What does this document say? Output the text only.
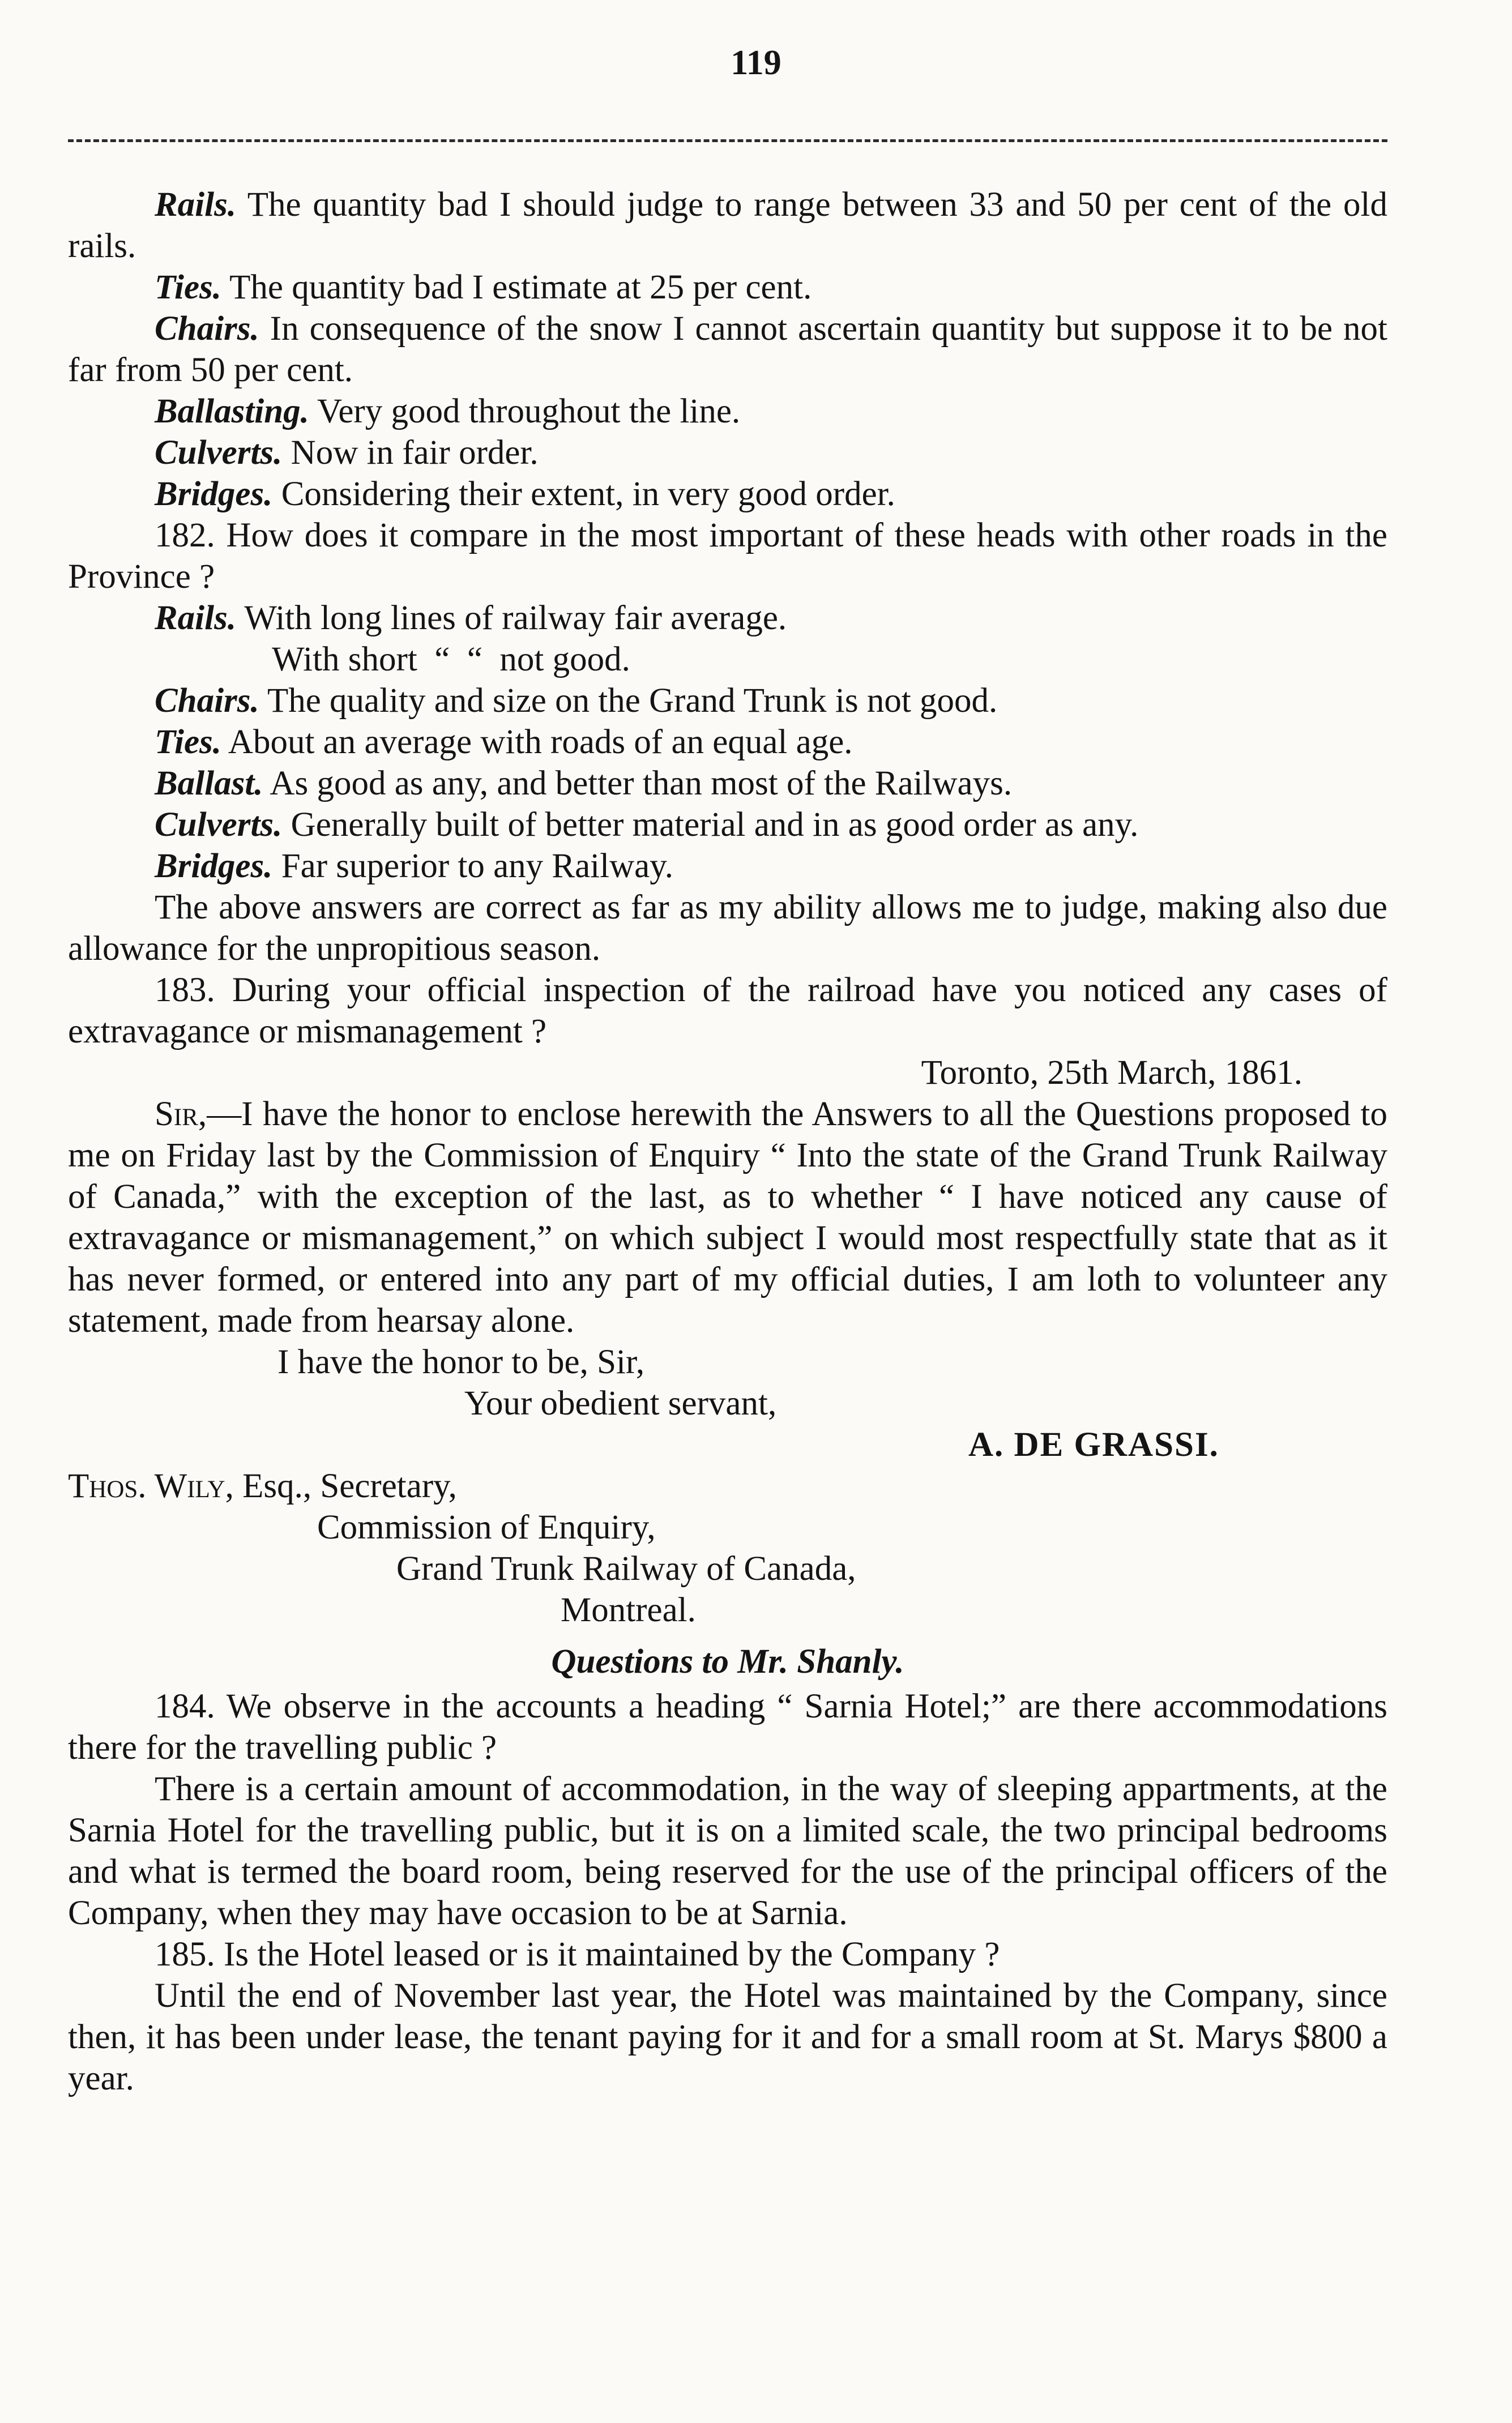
119

Rails. The quantity bad I should judge to range between 33 and 50 per cent of the old rails.

Ties. The quantity bad I estimate at 25 per cent.

Chairs. In consequence of the snow I cannot ascertain quantity but suppose it to be not far from 50 per cent.

Ballasting. Very good throughout the line.

Culverts. Now in fair order.

Bridges. Considering their extent, in very good order.

182. How does it compare in the most important of these heads with other roads in the Province ?

Rails. With long lines of railway fair average.

With short  “  “  not good.

Chairs. The quality and size on the Grand Trunk is not good.

Ties. About an average with roads of an equal age.

Ballast. As good as any, and better than most of the Railways.

Culverts. Generally built of better material and in as good order as any.

Bridges. Far superior to any Railway.

The above answers are correct as far as my ability allows me to judge, making also due allowance for the unpropitious season.

183. During your official inspection of the railroad have you noticed any cases of extravagance or mismanagement ?

Toronto, 25th March, 1861.

Sir,—I have the honor to enclose herewith the Answers to all the Questions proposed to me on Friday last by the Commission of Enquiry “ Into the state of the Grand Trunk Railway of Canada,” with the exception of the last, as to whether “ I have noticed any cause of extravagance or mismanagement,” on which subject I would most respectfully state that as it has never formed, or entered into any part of my official duties, I am loth to volunteer any statement, made from hearsay alone.

I have the honor to be, Sir,

Your obedient servant,

A. DE GRASSI.

Thos. Wily, Esq., Secretary,

Commission of Enquiry,

Grand Trunk Railway of Canada,

Montreal.

Questions to Mr. Shanly.

184. We observe in the accounts a heading “ Sarnia Hotel;” are there accommodations there for the travelling public ?

There is a certain amount of accommodation, in the way of sleeping appartments, at the Sarnia Hotel for the travelling public, but it is on a limited scale, the two principal bedrooms and what is termed the board room, being reserved for the use of the principal officers of the Company, when they may have occasion to be at Sarnia.

185. Is the Hotel leased or is it maintained by the Company ?

Until the end of November last year, the Hotel was maintained by the Company, since then, it has been under lease, the tenant paying for it and for a small room at St. Marys $800 a year.
